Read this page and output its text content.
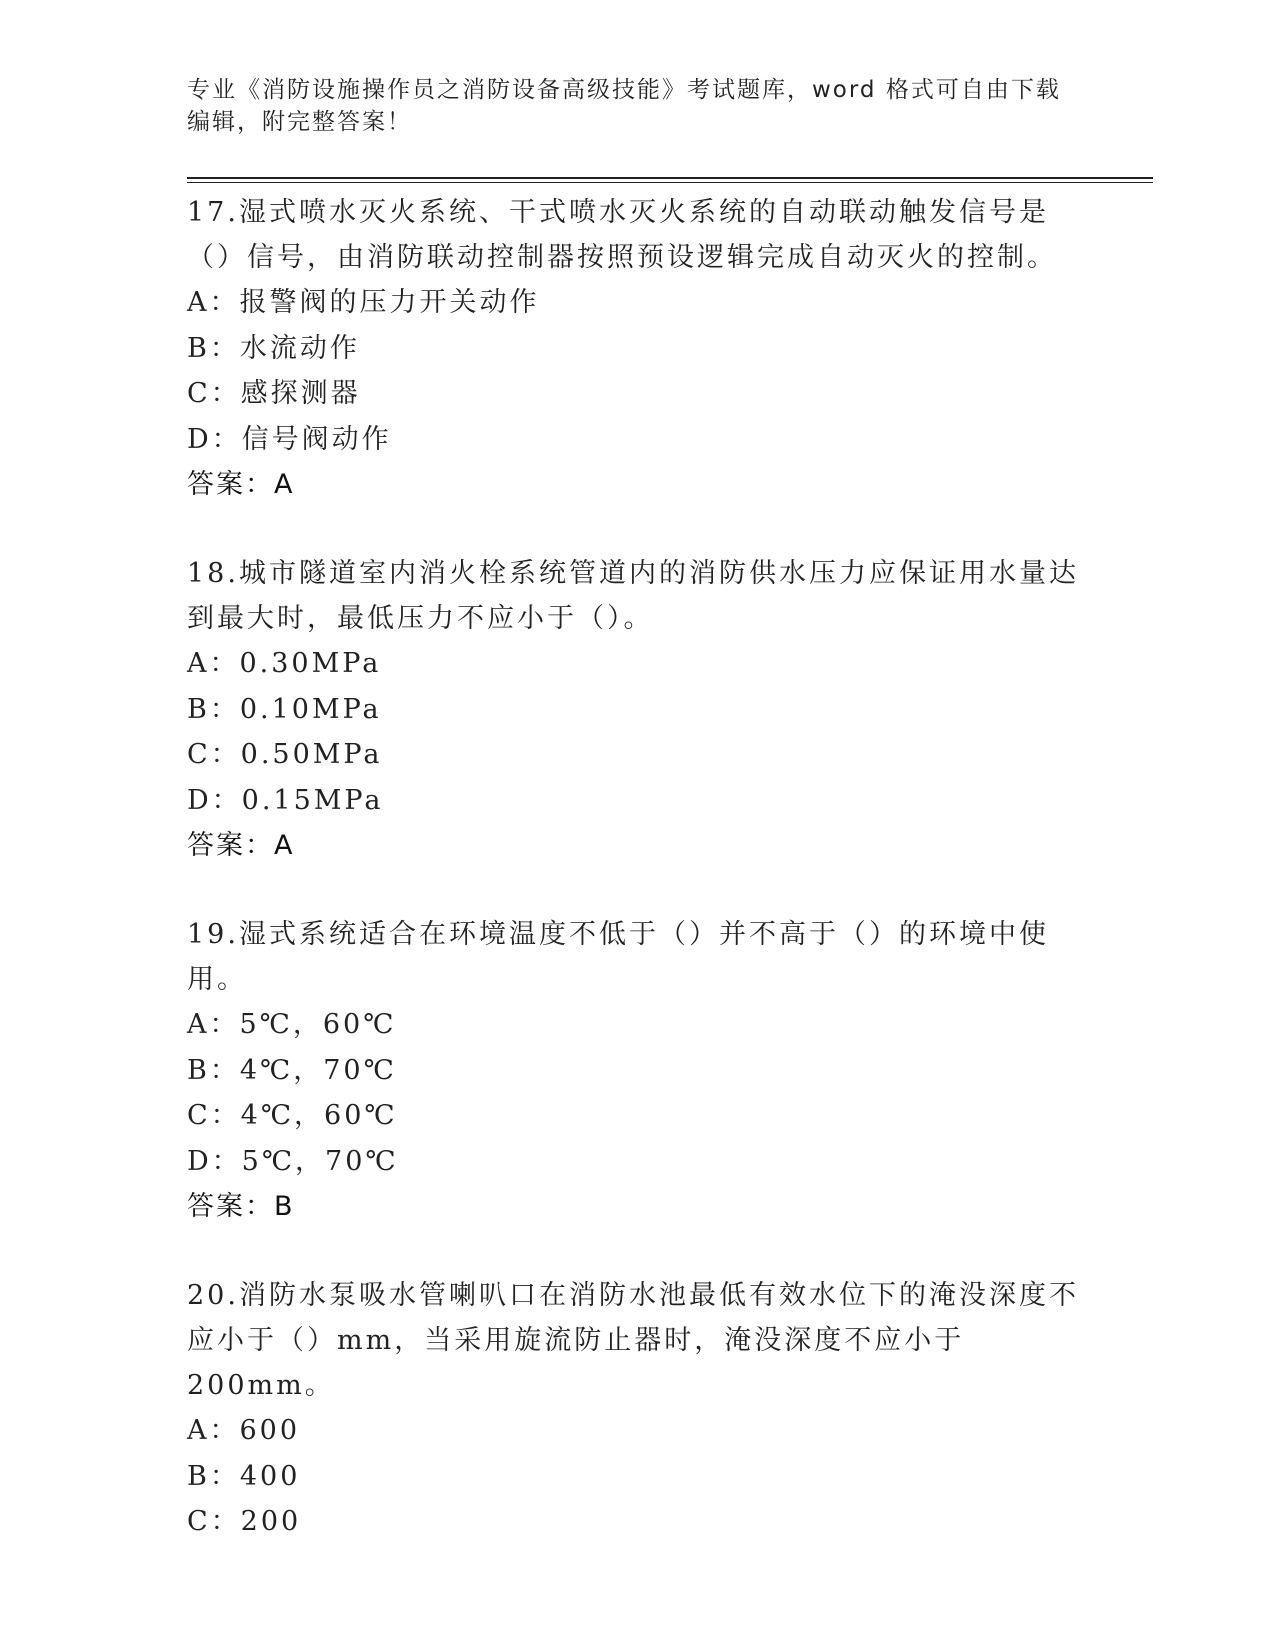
专业《消防设施操作员之消防设备高级技能》考试题库，word 格式可自由下载编辑，附完整答案！
17.湿式喷水灭火系统、干式喷水灭火系统的自动联动触发信号是（）信号，由消防联动控制器按照预设逻辑完成自动灭火的控制。
A：报警阀的压力开关动作
B：水流动作
C：感探测器
D：信号阀动作
答案：A
18.城市隧道室内消火栓系统管道内的消防供水压力应保证用水量达到最大时，最低压力不应小于（）。
A：0.30MPa
B：0.10MPa
C：0.50MPa
D：0.15MPa
答案：A
19.湿式系统适合在环境温度不低于（）并不高于（）的环境中使用。
A：5℃，60℃
B：4℃，70℃
C：4℃，60℃
D：5℃，70℃
答案：B
20.消防水泵吸水管喇叭口在消防水池最低有效水位下的淹没深度不应小于（）mm，当采用旋流防止器时，淹没深度不应小于 200mm。
A：600
B：400
C：200
